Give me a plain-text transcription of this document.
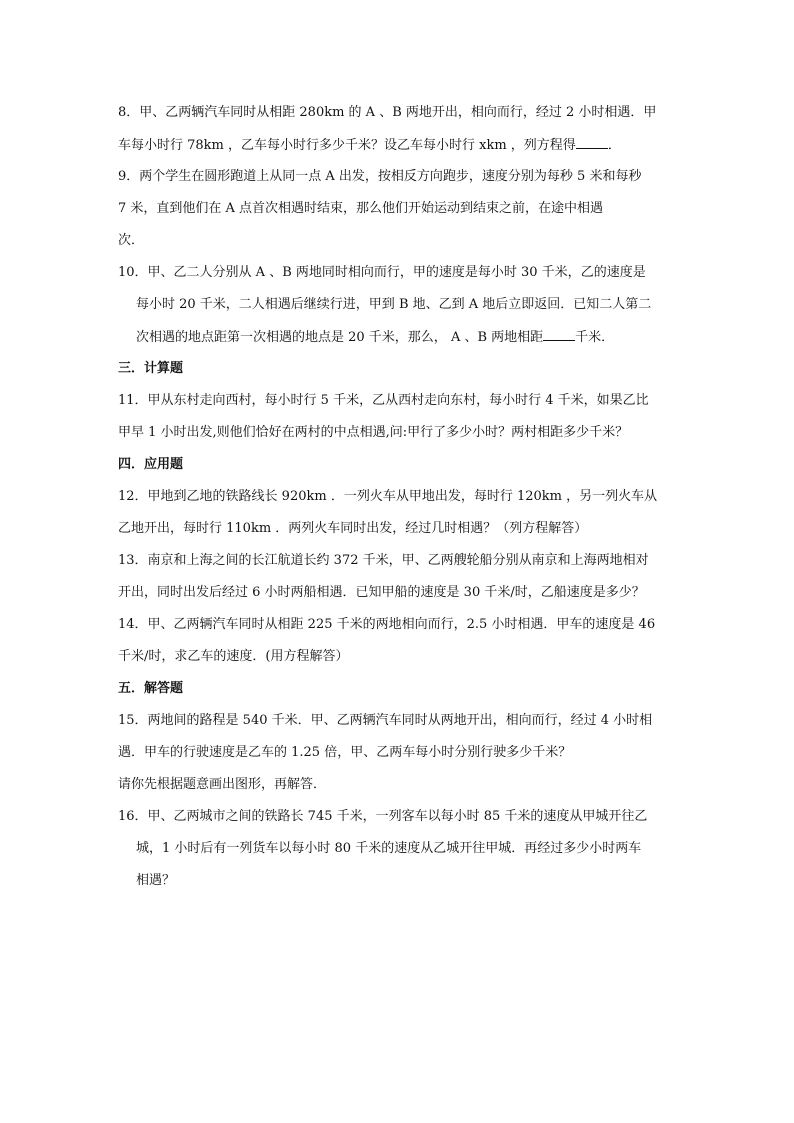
8．甲、乙两辆汽车同时从相距 280km 的 A 、B 两地开出，相向而行，经过 2 小时相遇．甲
车每小时行 78km ，乙车每小时行多少千米？设乙车每小时行 xkm ，列方程得 ．
9．两个学生在圆形跑道上从同一点 A 出发，按相反方向跑步，速度分别为每秒 5 米和每秒
7 米，直到他们在 A 点首次相遇时结束，那么他们开始运动到结束之前，在途中相遇
次．
10．甲、乙二人分别从 A 、B 两地同时相向而行，甲的速度是每小时 30 千米，乙的速度是
每小时 20 千米，二人相遇后继续行进，甲到 B 地、乙到 A 地后立即返回．已知二人第二
次相遇的地点距第一次相遇的地点是 20 千米，那么， A 、B 两地相距 千米．
三．计算题
11．甲从东村走向西村，每小时行 5 千米，乙从西村走向东村，每小时行 4 千米，如果乙比
甲早 1 小时出发,则他们恰好在两村的中点相遇,问:甲行了多少小时？两村相距多少千米？
四．应用题
12．甲地到乙地的铁路线长 920km ．一列火车从甲地出发，每时行 120km ，另一列火车从
乙地开出，每时行 110km ．两列火车同时出发，经过几时相遇？（列方程解答）
13．南京和上海之间的长江航道长约 372 千米，甲、乙两艘轮船分别从南京和上海两地相对
开出，同时出发后经过 6 小时两船相遇．已知甲船的速度是 30 千米/时，乙船速度是多少？
14．甲、乙两辆汽车同时从相距 225 千米的两地相向而行，2.5 小时相遇．甲车的速度是 46
千米/时，求乙车的速度．(用方程解答）
五．解答题
15．两地间的路程是 540 千米．甲、乙两辆汽车同时从两地开出，相向而行，经过 4 小时相
遇．甲车的行驶速度是乙车的 1.25 倍，甲、乙两车每小时分别行驶多少千米？
请你先根据题意画出图形，再解答．
16．甲、乙两城市之间的铁路长 745 千米，一列客车以每小时 85 千米的速度从甲城开往乙
城，1 小时后有一列货车以每小时 80 千米的速度从乙城开往甲城．再经过多少小时两车
相遇？
